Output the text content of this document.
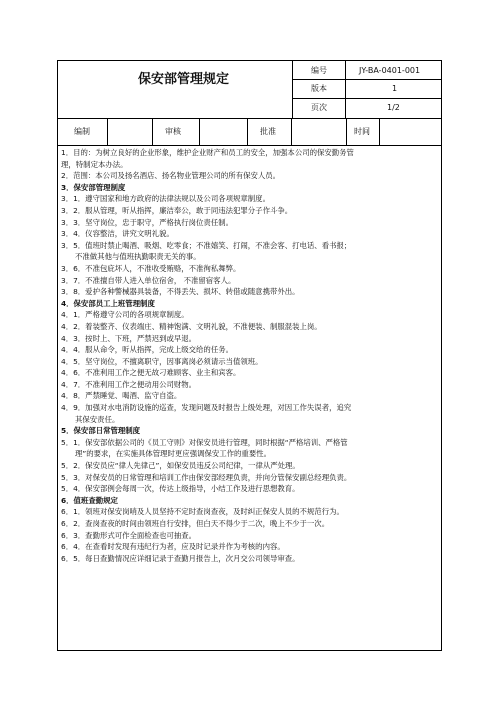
保安部管理规定
编号	JY-BA-0401-001
版本	1
页次	1/2
编制	审核	批准	时间
1．目的：为树立良好的企业形象，维护企业财产和员工的安全，加强本公司的保安勤务管
理，特制定本办法。
2．范围：本公司及扬名酒店、扬名物业管理公司的所有保安人员。
3．保安部管理制度
3．1．遵守国家和地方政府的法律法规以及公司各项规章制度。
3．2．服从管理，听从指挥，廉洁奉公，敢于同违法犯罪分子作斗争。
3．3．坚守岗位，忠于职守，严格执行岗位责任制。
3．4．仪容整洁，讲究文明礼貌。
3．5．值班时禁止喝酒、吸烟、吃零食；不准嬉笑、打闹，不准会客、打电话、看书报；
不准做其他与值班执勤职责无关的事。
3．6．不准包庇坏人，不准收受贿赂，不准徇私舞弊。
3．7．不准擅自带人进入单位宿舍， 不准留宿客人。
3．8．爱护各种警械器具装备，不得丢失、损坏、转借或随意携带外出。
4．保安部员工上班管理制度
4．1．严格遵守公司的各项规章制度。
4．2．着装整齐、仪表端庄、精神饱满、文明礼貌，不准便装、制服混装上岗。
4．3．按时上、下班，严禁迟到或早退。
4．4．服从命令，听从指挥，完成上级交给的任务。
4．5．坚守岗位，不擅离职守，因事离岗必须请示当值领班。
4．6．不准利用工作之便无故刁难顾客、业主和宾客。
4．7．不准利用工作之便动用公司财物。
4．8．严禁睡觉、喝酒、监守自盗。
4．9．加强对水电消防设施的巡查，发现问题及时报告上级处理，对因工作失误者，追究
其保安责任。
5．保安部日常管理制度
5．1．保安部依据公司的《员工守则》对保安员进行管理，同时根据“严格培训、严格管
理”的要求，在实施具体管理时更应强调保安工作的重要性。
5．2．保安员应“律人先律己”，如保安员违反公司纪律，一律从严处理。
5．3．对保安员的日常管理和培训工作由保安部经理负责，并向分管保安副总经理负责。
5．4．保安部例会每周一次，传达上级指导，小结工作及进行思想教育。
6．值班查勤规定
6．1．领班对保安岗哨及人员坚持不定时查岗查夜，及时纠正保安人员的不规范行为。
6．2．查岗查夜的时间由领班自行安排，但白天不得少于二次，晚上不少于一次。
6．3．查勤形式可作全面检查也可抽查。
6．4．在查看时发现有违纪行为者，应及时记录并作为考核的内容。
6．5．每日查勤情况应详细记录于查勤月报告上，次月交公司领导审查。
